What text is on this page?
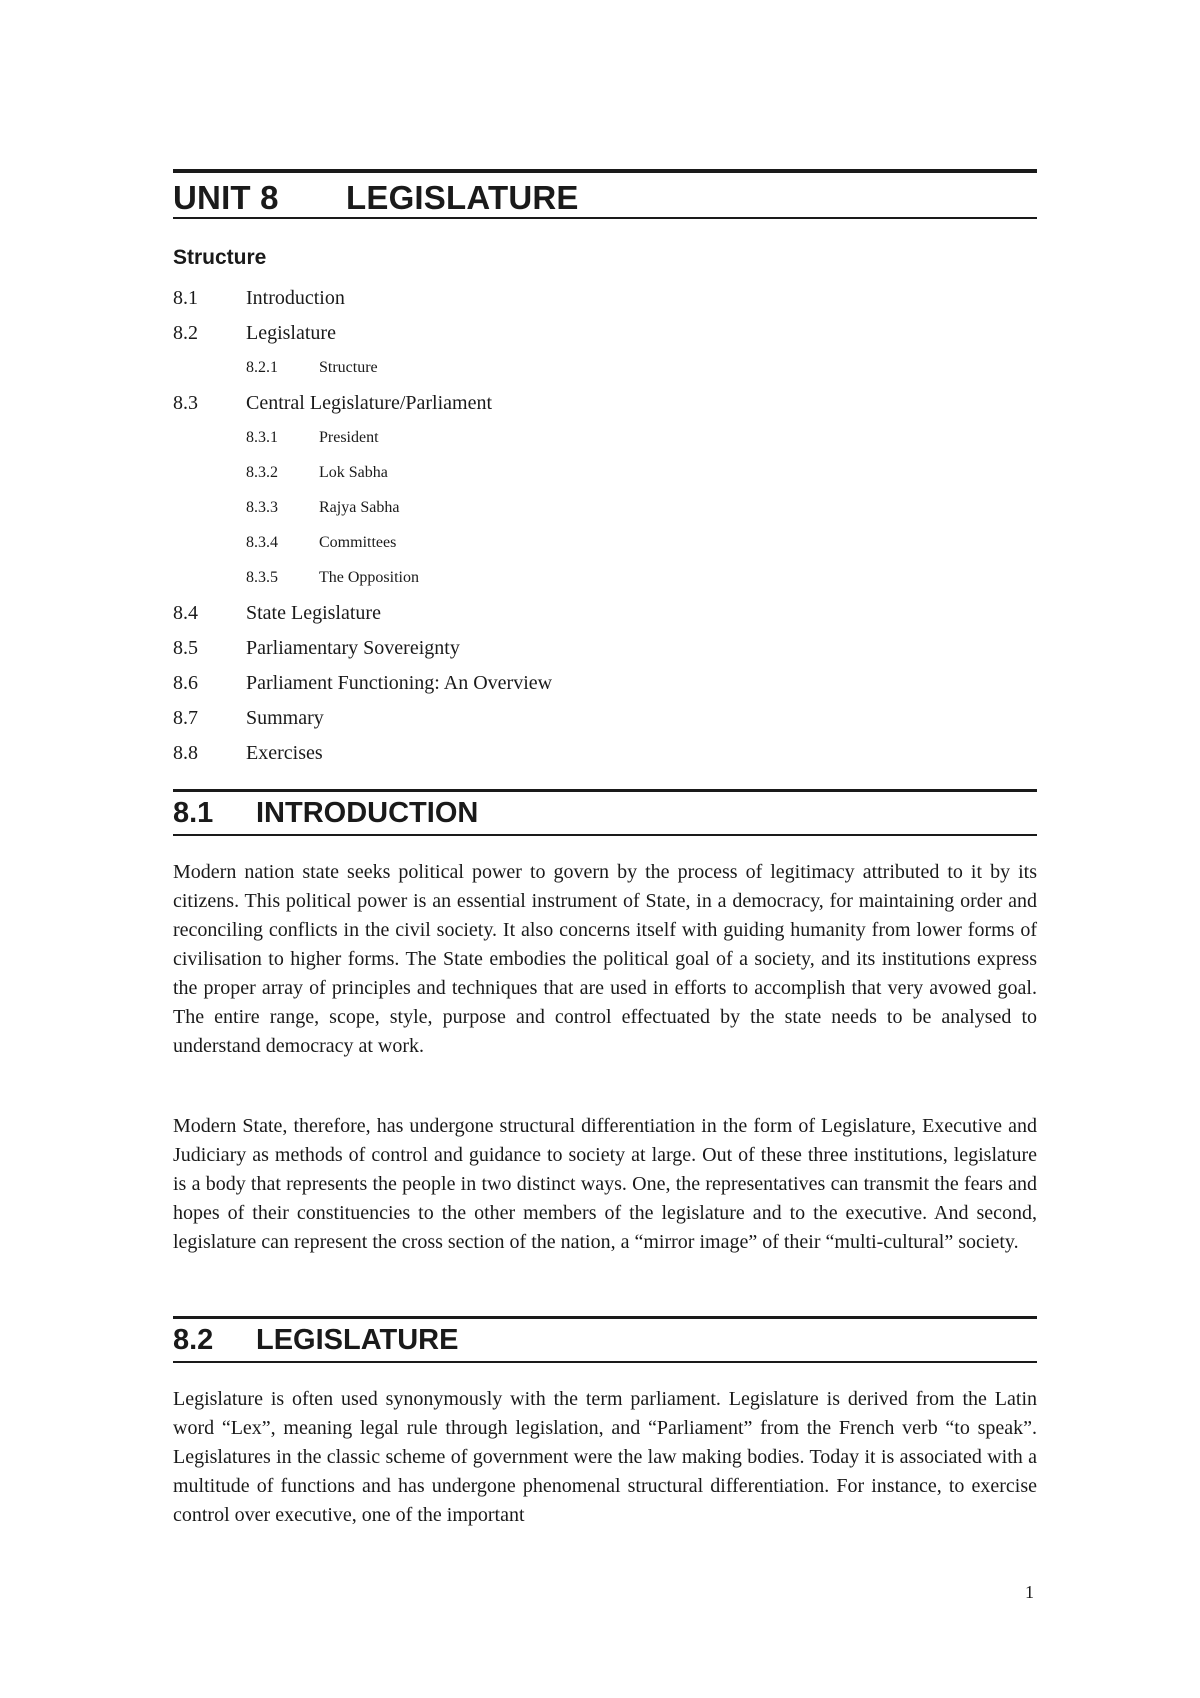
UNIT 8 LEGISLATURE
Structure
8.1 Introduction
8.2 Legislature
8.2.1	Structure
8.3 Central Legislature/Parliament
8.3.1	President
8.3.2	Lok Sabha
8.3.3	Rajya Sabha
8.3.4	Committees
8.3.5	The Opposition
8.4 State Legislature
8.5 Parliamentary Sovereignty
8.6 Parliament Functioning: An Overview
8.7 Summary
8.8 Exercises
8.1 INTRODUCTION

Modern nation state seeks political power to govern by the process of legitimacy attributed to it by its citizens. This political power is an essential instrument of State, in a democracy, for maintaining order and reconciling conflicts in the civil society. It also concerns itself with guiding humanity from lower forms of civilisation to higher forms. The State embodies the political goal of a society, and its institutions express the proper array of principles and techniques that are used in efforts to accomplish that very avowed goal. The entire range, scope, style, purpose and control effectuated by the state needs to be analysed to understand democracy at work.

Modern State, therefore, has undergone structural differentiation in the form of Legislature, Executive and Judiciary as methods of control and guidance to society at large. Out of these three institutions, legislature is a body that represents the people in two distinct ways. One, the representatives can transmit the fears and hopes of their constituencies to the other members of the legislature and to the executive. And second, legislature can represent the cross section of the nation, a “mirror image” of their “multi-cultural” society.

8.2 LEGISLATURE

Legislature is often used synonymously with the term parliament. Legislature is derived from the Latin word “Lex”, meaning legal rule through legislation, and “Parliament” from the French verb “to speak”. Legislatures in the classic scheme of government were the law making bodies. Today it is associated with a multitude of functions and has undergone phenomenal structural differentiation. For instance, to exercise control over executive, one of the important

1
